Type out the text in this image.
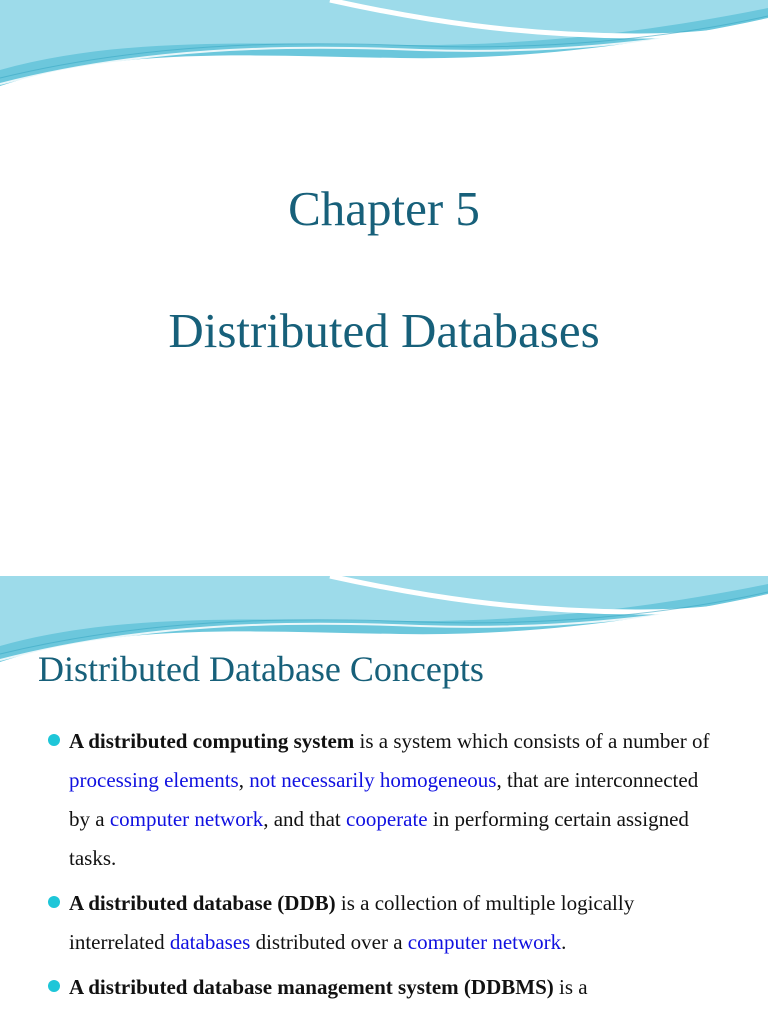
Chapter 5
Distributed Databases
Distributed Database Concepts
A distributed computing system is a system which consists of a number of processing elements, not necessarily homogeneous, that are interconnected by a computer network, and that cooperate in performing certain assigned tasks.
A distributed database (DDB) is a collection of multiple logically interrelated databases distributed over a computer network.
A distributed database management system (DDBMS) is a
